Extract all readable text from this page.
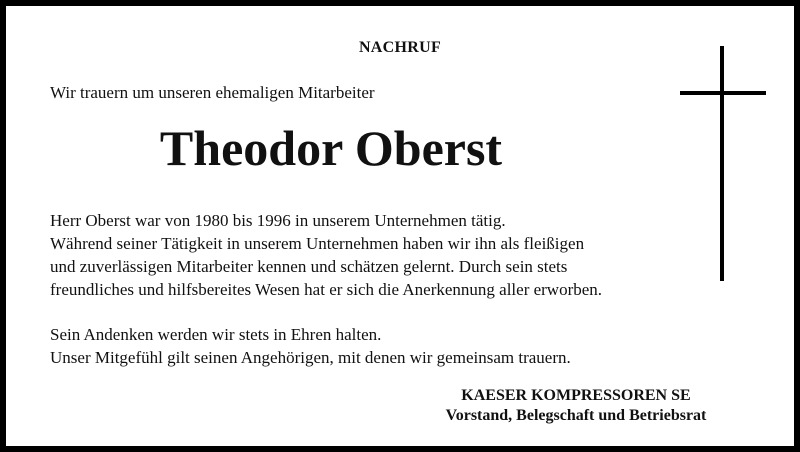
NACHRUF
Wir trauern um unseren ehemaligen Mitarbeiter
Theodor Oberst
Herr Oberst war von 1980 bis 1996 in unserem Unternehmen tätig.
Während seiner Tätigkeit in unserem Unternehmen haben wir ihn als fleißigen
und zuverlässigen Mitarbeiter kennen und schätzen gelernt. Durch sein stets
freundliches und hilfsbereites Wesen hat er sich die Anerkennung aller erworben.
Sein Andenken werden wir stets in Ehren halten.
Unser Mitgefühl gilt seinen Angehörigen, mit denen wir gemeinsam trauern.
KAESER KOMPRESSOREN SE
Vorstand, Belegschaft und Betriebsrat
